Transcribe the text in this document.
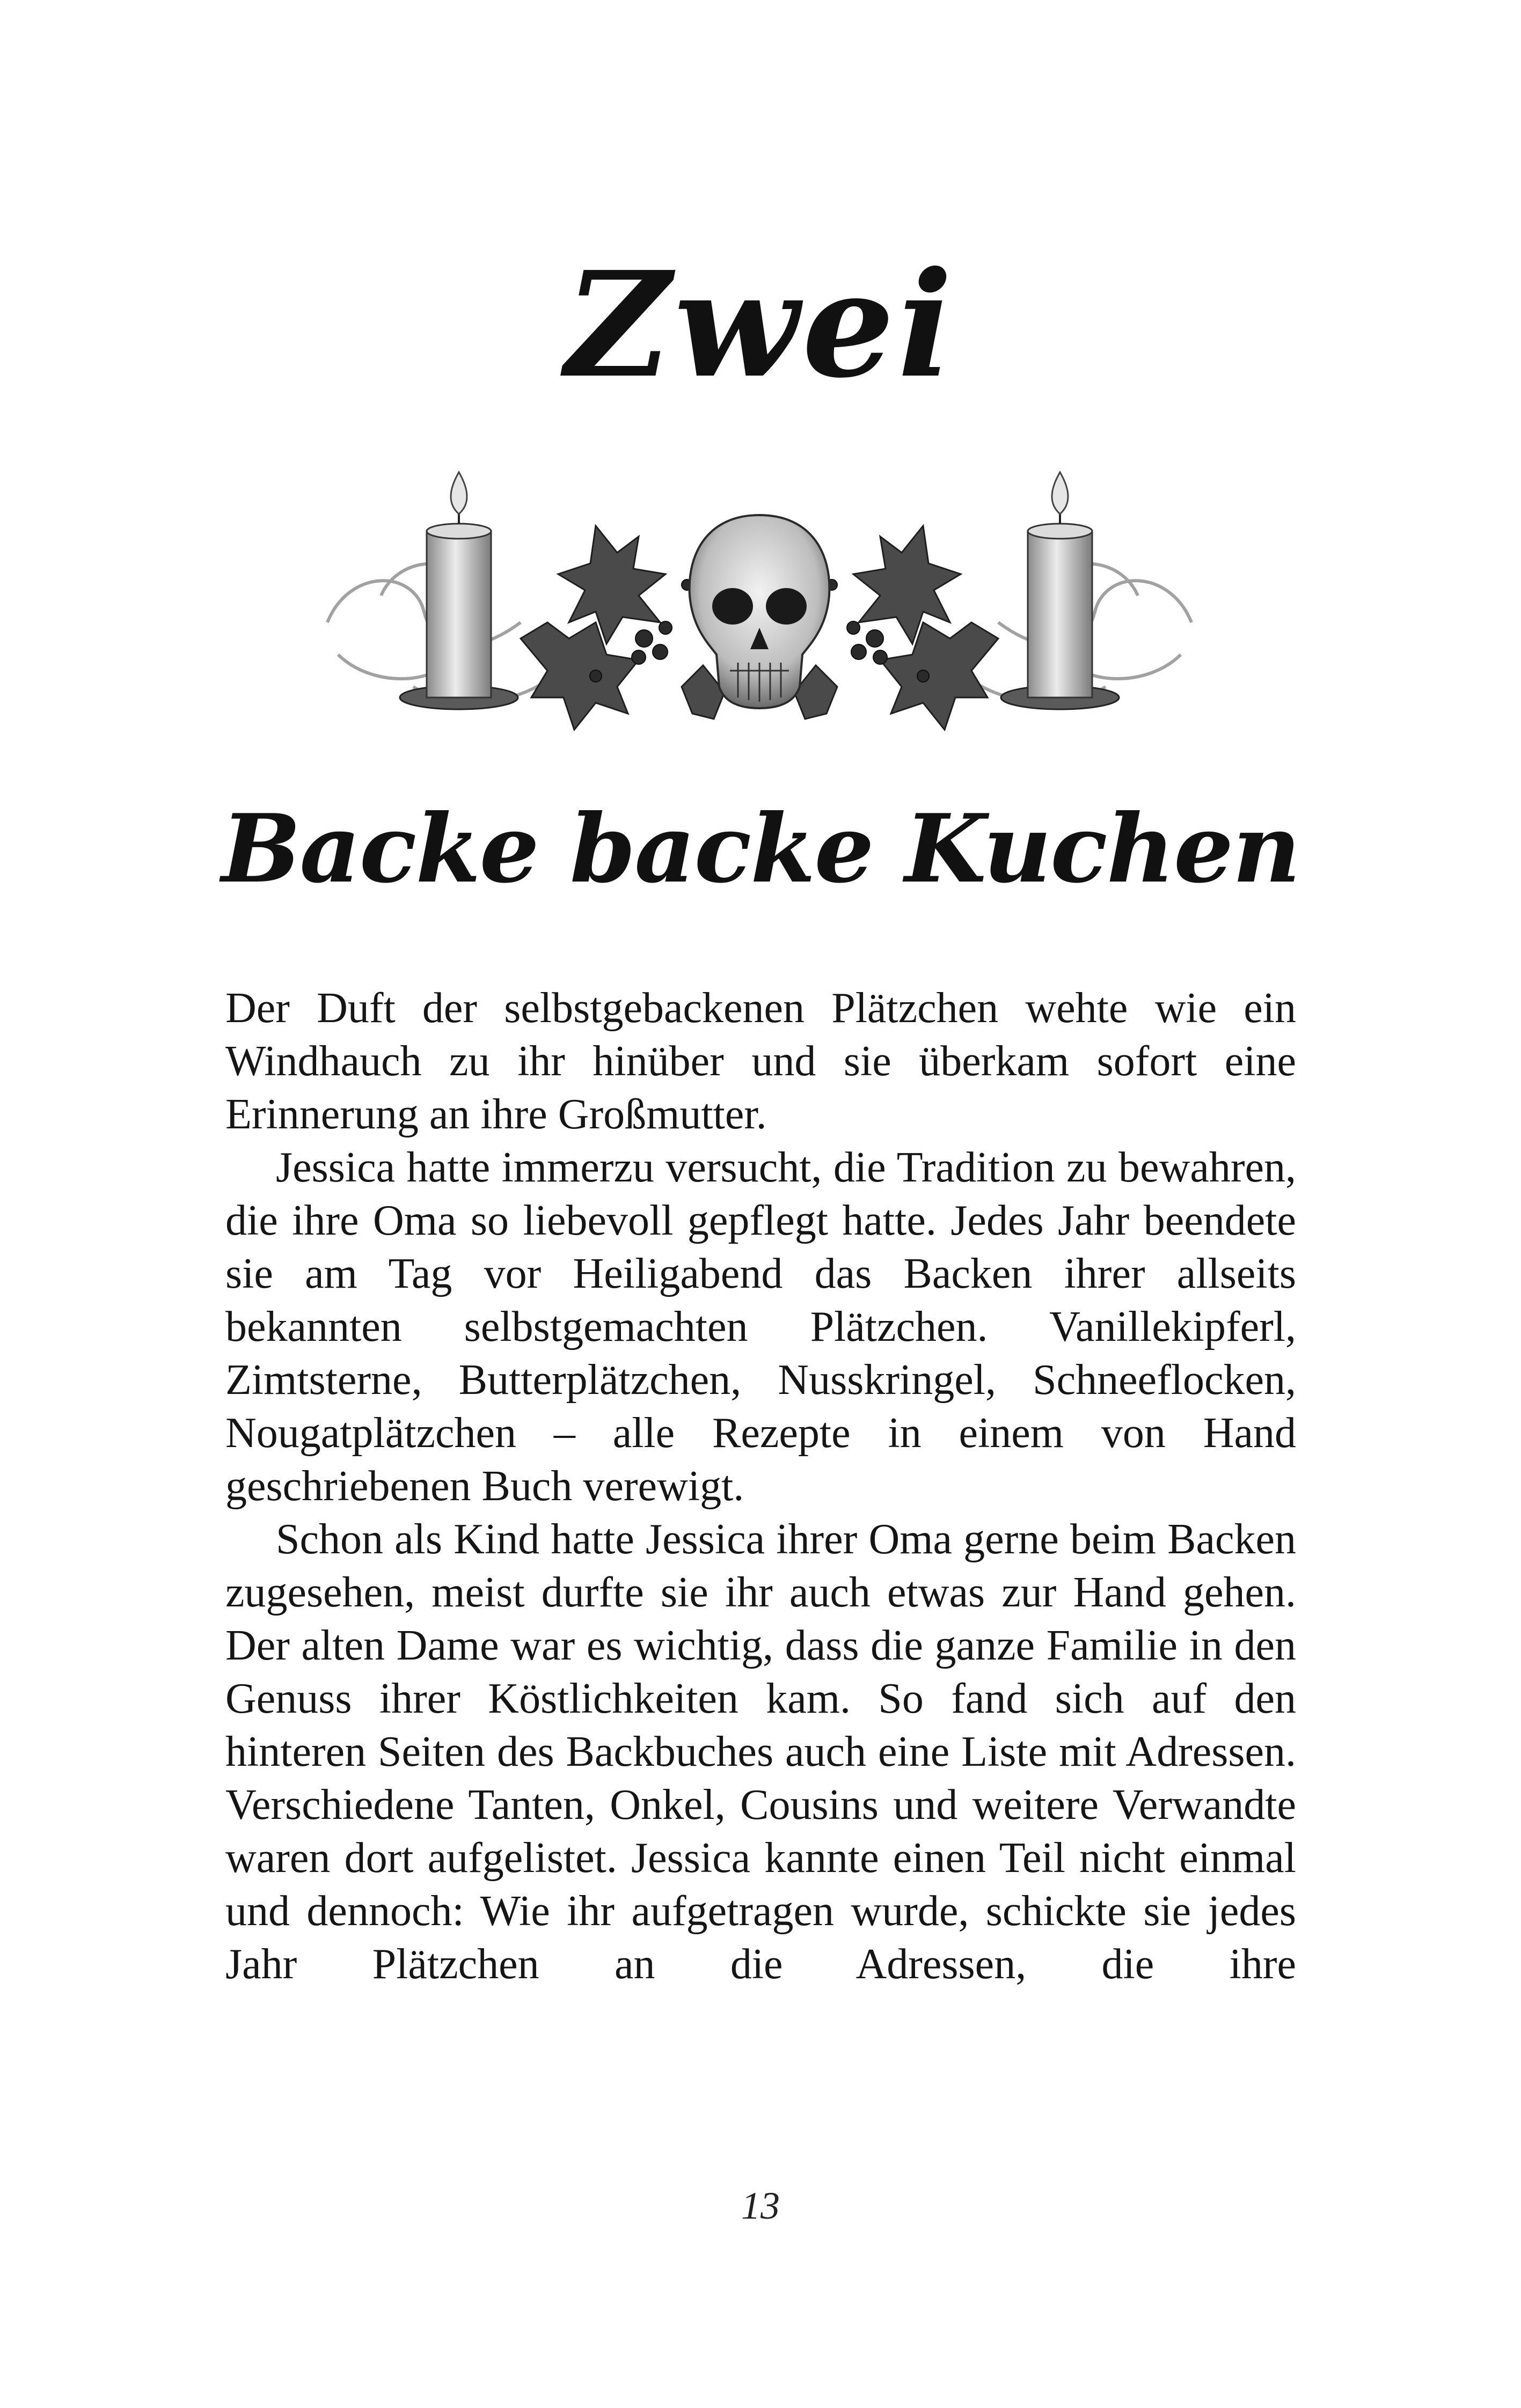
Zwei
Backe backe Kuchen

Der Duft der selbstgebackenen Plätzchen wehte wie ein Windhauch zu ihr hinüber und sie überkam sofort eine Erinnerung an ihre Großmutter.

Jessica hatte immerzu versucht, die Tradition zu bewahren, die ihre Oma so liebevoll gepflegt hatte. Jedes Jahr beendete sie am Tag vor Heiligabend das Backen ihrer allseits bekannten selbstgemachten Plätzchen. Vanillekipferl, Zimtsterne, Butterplätzchen, Nusskringel, Schneeflocken, Nougatplätzchen – alle Rezepte in einem von Hand geschriebenen Buch verewigt.

Schon als Kind hatte Jessica ihrer Oma gerne beim Backen zugesehen, meist durfte sie ihr auch etwas zur Hand gehen. Der alten Dame war es wichtig, dass die ganze Familie in den Genuss ihrer Köstlichkeiten kam. So fand sich auf den hinteren Seiten des Backbuches auch eine Liste mit Adressen. Verschiedene Tanten, Onkel, Cousins und weitere Verwandte waren dort aufgelistet. Jessica kannte einen Teil nicht einmal und dennoch: Wie ihr aufgetragen wurde, schickte sie jedes Jahr Plätzchen an die Adressen, die ihre

13
